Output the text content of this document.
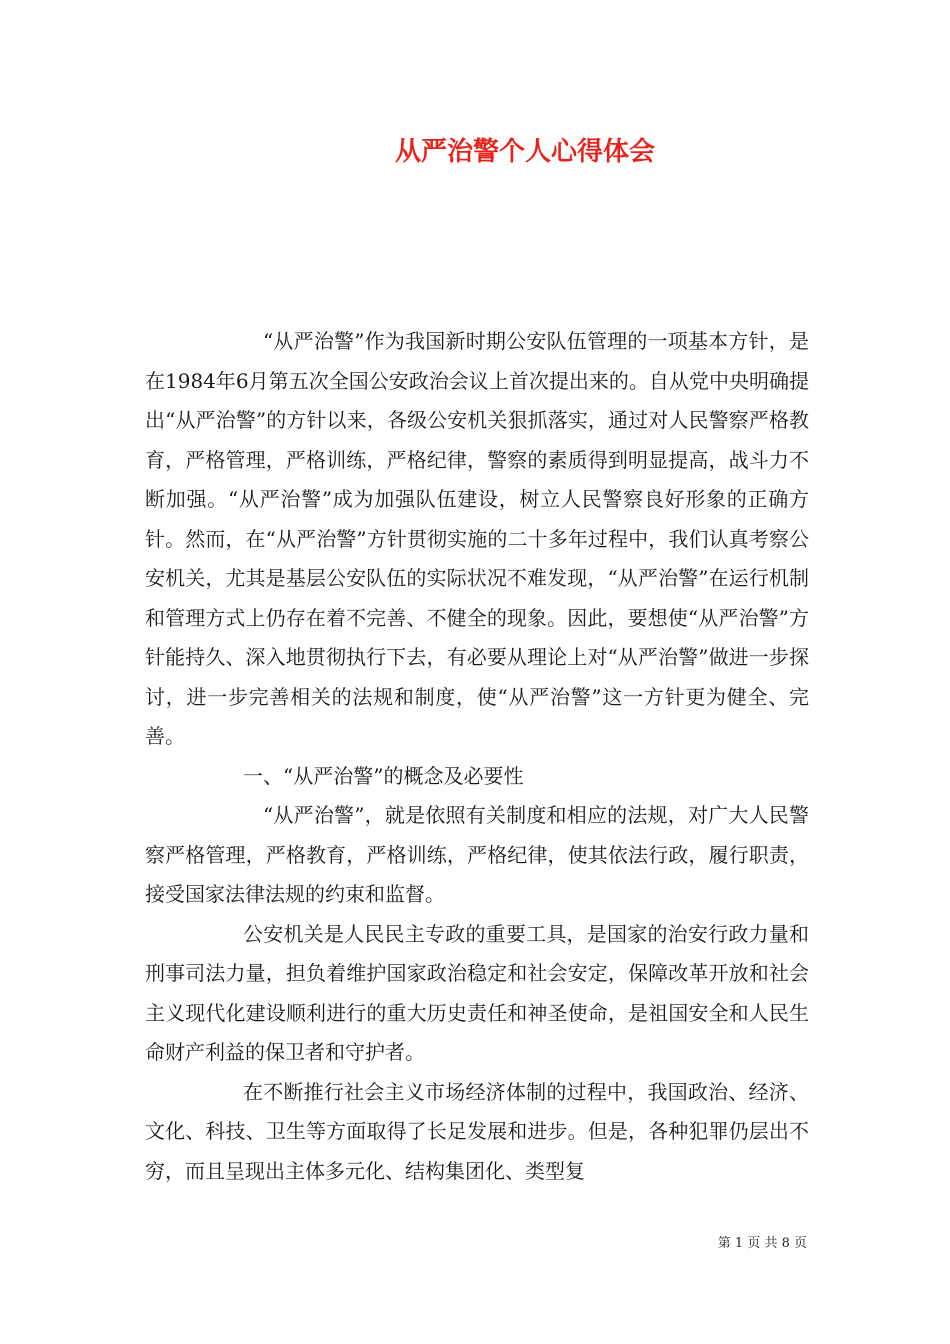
从严治警个人心得体会

“从严治警”作为我国新时期公安队伍管理的一项基本方针，是在1984年6月第五次全国公安政治会议上首次提出来的。自从党中央明确提出“从严治警”的方针以来，各级公安机关狠抓落实，通过对人民警察严格教育，严格管理，严格训练，严格纪律，警察的素质得到明显提高，战斗力不断加强。“从严治警”成为加强队伍建设，树立人民警察良好形象的正确方针。然而，在“从严治警”方针贯彻实施的二十多年过程中，我们认真考察公安机关，尤其是基层公安队伍的实际状况不难发现，“从严治警”在运行机制和管理方式上仍存在着不完善、不健全的现象。因此，要想使“从严治警”方针能持久、深入地贯彻执行下去，有必要从理论上对“从严治警”做进一步探讨，进一步完善相关的法规和制度，使“从严治警”这一方针更为健全、完善。

一、“从严治警”的概念及必要性

“从严治警”，就是依照有关制度和相应的法规，对广大人民警察严格管理，严格教育，严格训练，严格纪律，使其依法行政，履行职责，接受国家法律法规的约束和监督。

公安机关是人民民主专政的重要工具，是国家的治安行政力量和刑事司法力量，担负着维护国家政治稳定和社会安定，保障改革开放和社会主义现代化建设顺利进行的重大历史责任和神圣使命，是祖国安全和人民生命财产利益的保卫者和守护者。

在不断推行社会主义市场经济体制的过程中，我国政治、经济、文化、科技、卫生等方面取得了长足发展和进步。但是，各种犯罪仍层出不穷，而且呈现出主体多元化、结构集团化、类型复

第 1 页 共 8 页
